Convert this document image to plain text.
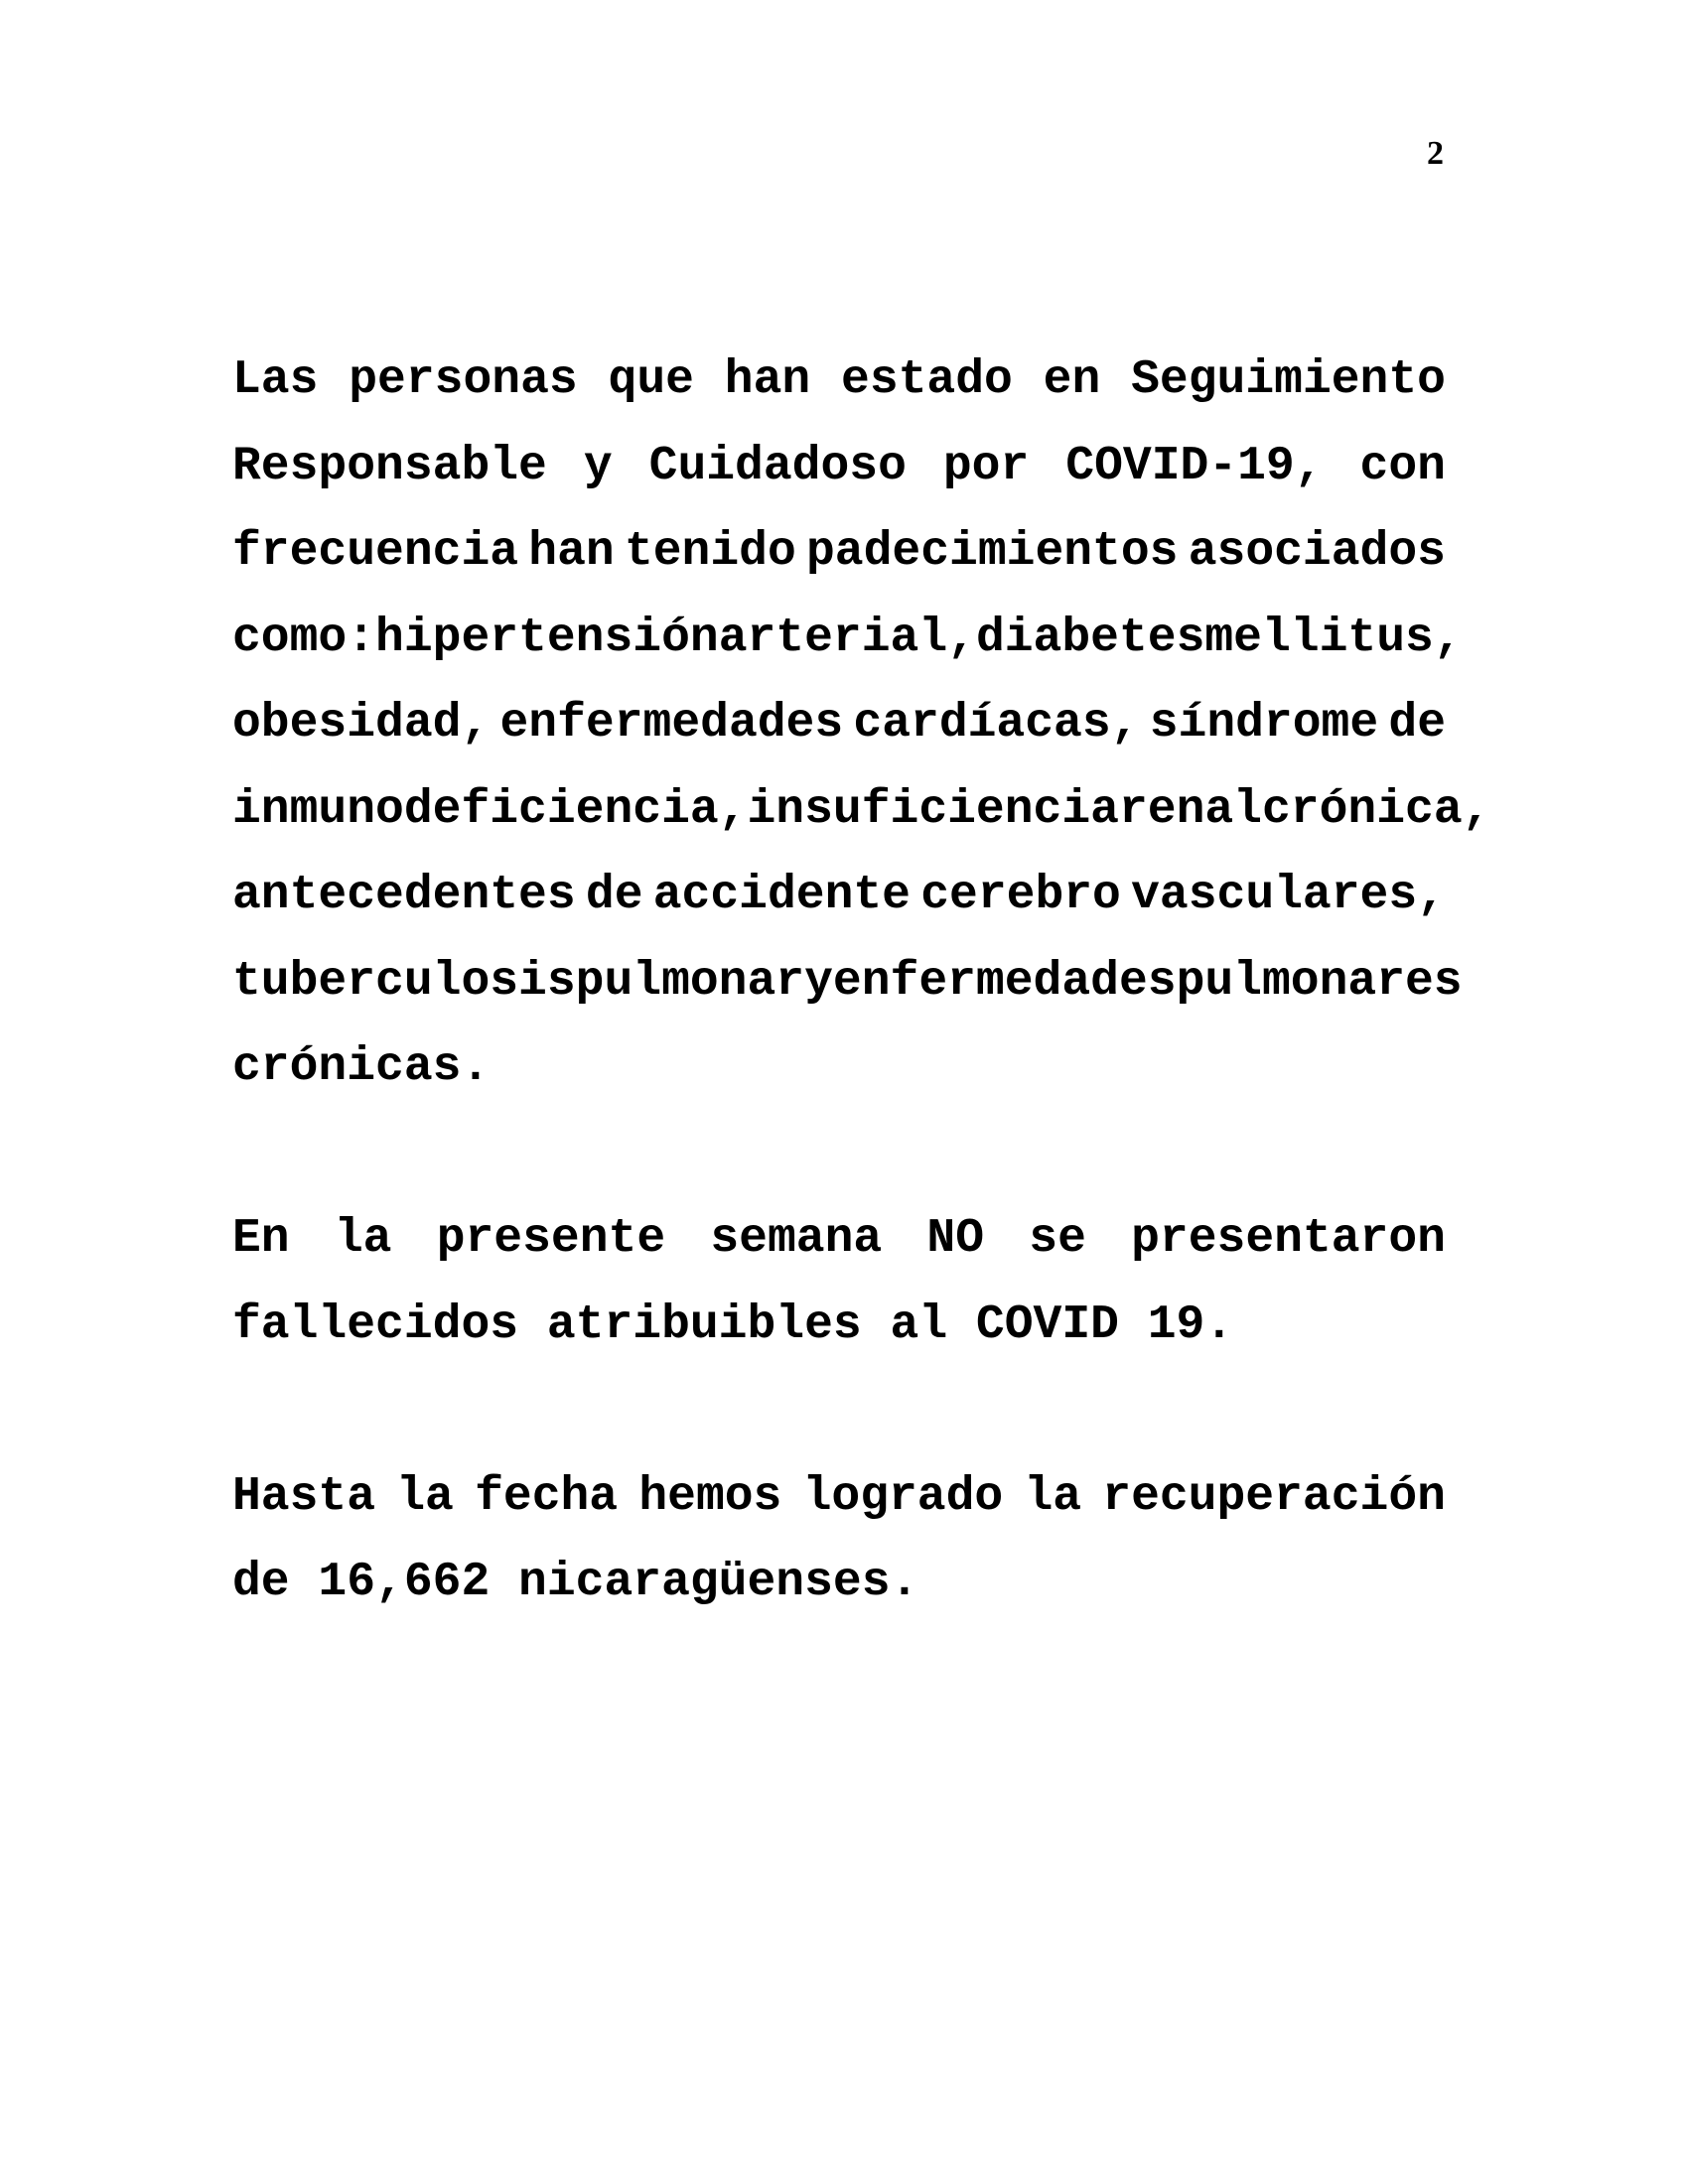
2
Las personas que han estado en Seguimiento
Responsable y Cuidadoso por COVID-19, con
frecuencia han tenido padecimientos asociados
como: hipertensión arterial, diabetes mellitus,
obesidad, enfermedades cardíacas, síndrome de
inmunodeficiencia, insuficiencia renal crónica,
antecedentes de accidente cerebro vasculares,
tuberculosis pulmonar y enfermedades pulmonares
crónicas.
En la presente semana NO se presentaron
fallecidos atribuibles al COVID 19.
Hasta la fecha hemos logrado la recuperación
de 16,662 nicaragüenses.
